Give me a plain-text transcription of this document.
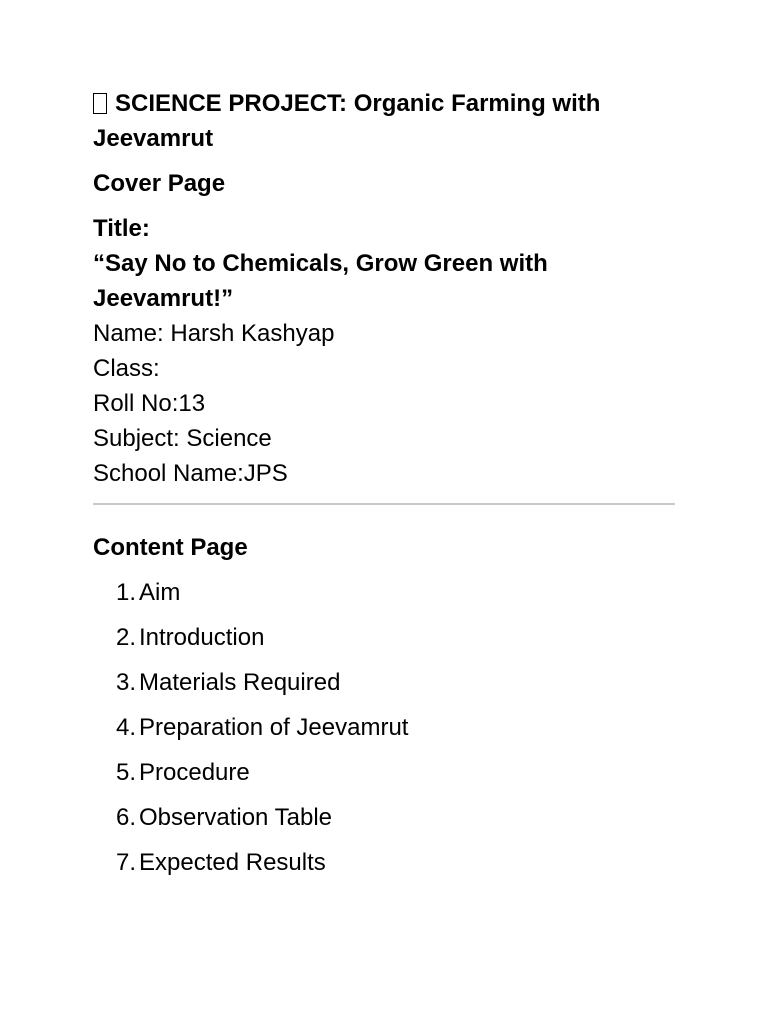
SCIENCE PROJECT: Organic Farming with Jeevamrut

Cover Page

Title:

“Say No to Chemicals, Grow Green with Jeevamrut!”

Name: Harsh Kashyap

Class:

Roll No:13

Subject: Science

School Name:JPS

Content Page

1. Aim
2. Introduction
3. Materials Required
4. Preparation of Jeevamrut
5. Procedure
6. Observation Table
7. Expected Results
